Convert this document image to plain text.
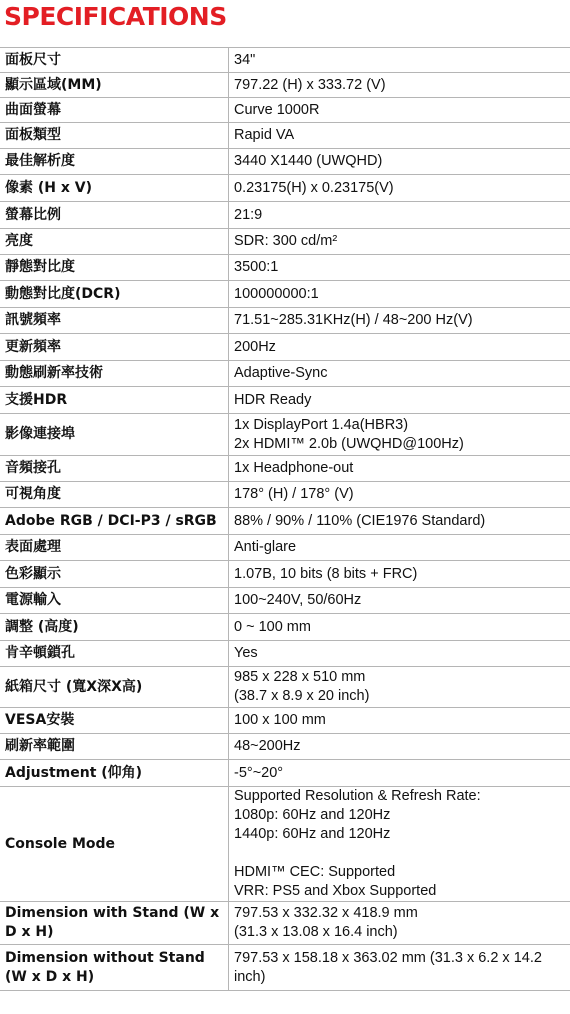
SPECIFICATIONS
面板尺寸	34"
顯示區域(MM)	797.22 (H) x 333.72 (V)
曲面螢幕	Curve 1000R
面板類型	Rapid VA
最佳解析度	3440 X1440 (UWQHD)
像素 (H x V)	0.23175(H) x 0.23175(V)
螢幕比例	21:9
亮度	SDR: 300 cd/m²
靜態對比度	3500:1
動態對比度(DCR)	100000000:1
訊號頻率	71.51~285.31KHz(H) / 48~200 Hz(V)
更新頻率	200Hz
動態刷新率技術	Adaptive-Sync
支援HDR	HDR Ready
影像連接埠	1x DisplayPort 1.4a(HBR3)
2x HDMI™ 2.0b (UWQHD@100Hz)
音頻接孔	1x Headphone-out
可視角度	178° (H) / 178° (V)
Adobe RGB / DCI-P3 / sRGB	88% / 90% / 110% (CIE1976 Standard)
表面處理	Anti-glare
色彩顯示	1.07B, 10 bits (8 bits + FRC)
電源輸入	100~240V, 50/60Hz
調整 (高度)	0 ~ 100 mm
肯辛頓鎖孔	Yes
紙箱尺寸 (寬X深X高)	985 x 228 x 510 mm
(38.7 x 8.9 x 20 inch)
VESA安裝	100 x 100 mm
刷新率範圍	48~200Hz
Adjustment (仰角)	-5°~20°
Console Mode	Supported Resolution & Refresh Rate:
1080p: 60Hz and 120Hz
1440p: 60Hz and 120Hz

HDMI™ CEC: Supported
VRR: PS5 and Xbox Supported
Dimension with Stand (W x D x H)	797.53 x 332.32 x 418.9 mm
(31.3 x 13.08 x 16.4 inch)
Dimension without Stand (W x D x H)	797.53 x 158.18 x 363.02 mm (31.3 x 6.2 x 14.2 inch)
